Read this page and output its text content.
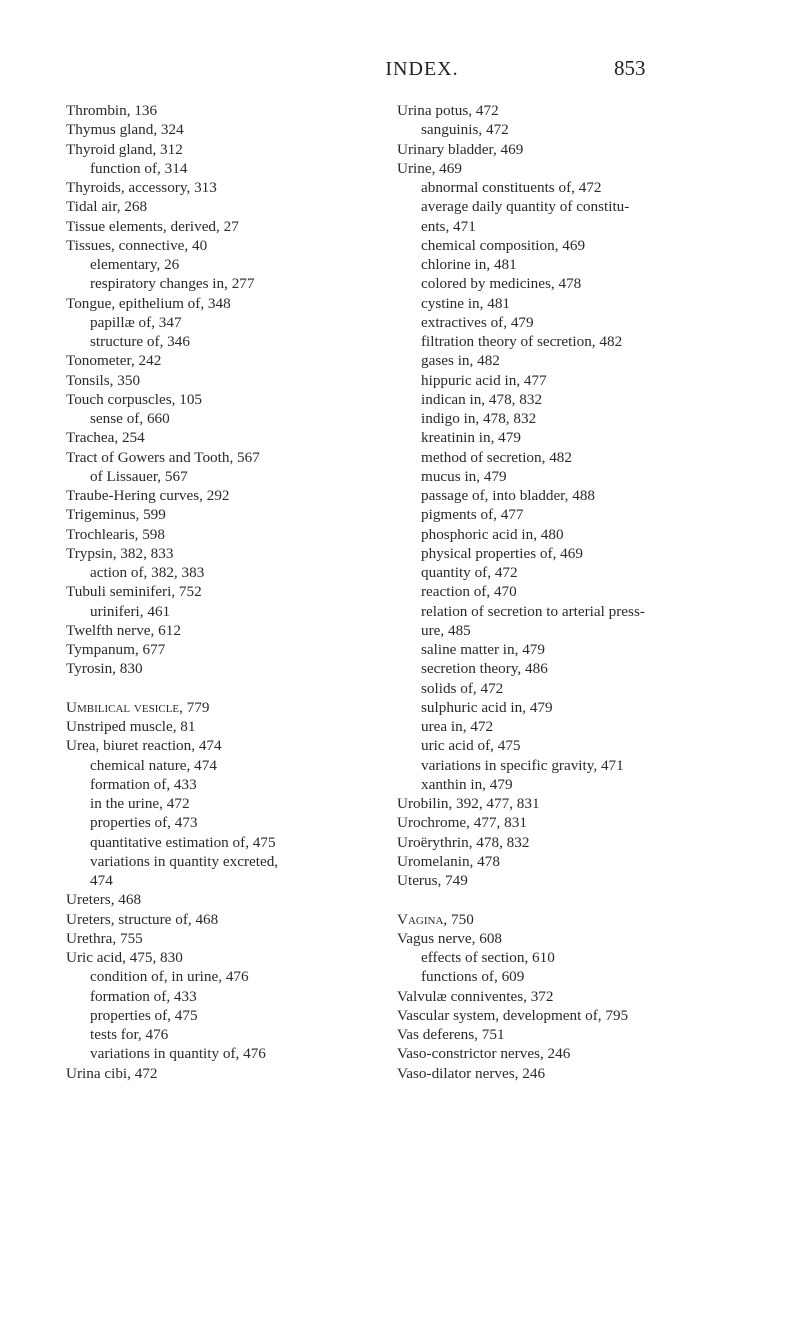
INDEX.	853
Thrombin, 136
Thymus gland, 324
Thyroid gland, 312
function of, 314
Thyroids, accessory, 313
Tidal air, 268
Tissue elements, derived, 27
Tissues, connective, 40
elementary, 26
respiratory changes in, 277
Tongue, epithelium of, 348
papillæ of, 347
structure of, 346
Tonometer, 242
Tonsils, 350
Touch corpuscles, 105
sense of, 660
Trachea, 254
Tract of Gowers and Tooth, 567
of Lissauer, 567
Traube-Hering curves, 292
Trigeminus, 599
Trochlearis, 598
Trypsin, 382, 833
action of, 382, 383
Tubuli seminiferi, 752
uriniferi, 461
Twelfth nerve, 612
Tympanum, 677
Tyrosin, 830
Umbilical vesicle, 779
Unstriped muscle, 81
Urea, biuret reaction, 474
chemical nature, 474
formation of, 433
in the urine, 472
properties of, 473
quantitative estimation of, 475
variations in quantity excreted,
474
Ureters, 468
Ureters, structure of, 468
Urethra, 755
Uric acid, 475, 830
condition of, in urine, 476
formation of, 433
properties of, 475
tests for, 476
variations in quantity of, 476
Urina cibi, 472
Urina potus, 472
sanguinis, 472
Urinary bladder, 469
Urine, 469
abnormal constituents of, 472
average daily quantity of constitu-
ents, 471
chemical composition, 469
chlorine in, 481
colored by medicines, 478
cystine in, 481
extractives of, 479
filtration theory of secretion, 482
gases in, 482
hippuric acid in, 477
indican in, 478, 832
indigo in, 478, 832
kreatinin in, 479
method of secretion, 482
mucus in, 479
passage of, into bladder, 488
pigments of, 477
phosphoric acid in, 480
physical properties of, 469
quantity of, 472
reaction of, 470
relation of secretion to arterial press-
ure, 485
saline matter in, 479
secretion theory, 486
solids of, 472
sulphuric acid in, 479
urea in, 472
uric acid of, 475
variations in specific gravity, 471
xanthin in, 479
Urobilin, 392, 477, 831
Urochrome, 477, 831
Uroërythrin, 478, 832
Uromelanin, 478
Uterus, 749
Vagina, 750
Vagus nerve, 608
effects of section, 610
functions of, 609
Valvulæ conniventes, 372
Vascular system, development of, 795
Vas deferens, 751
Vaso-constrictor nerves, 246
Vaso-dilator nerves, 246
